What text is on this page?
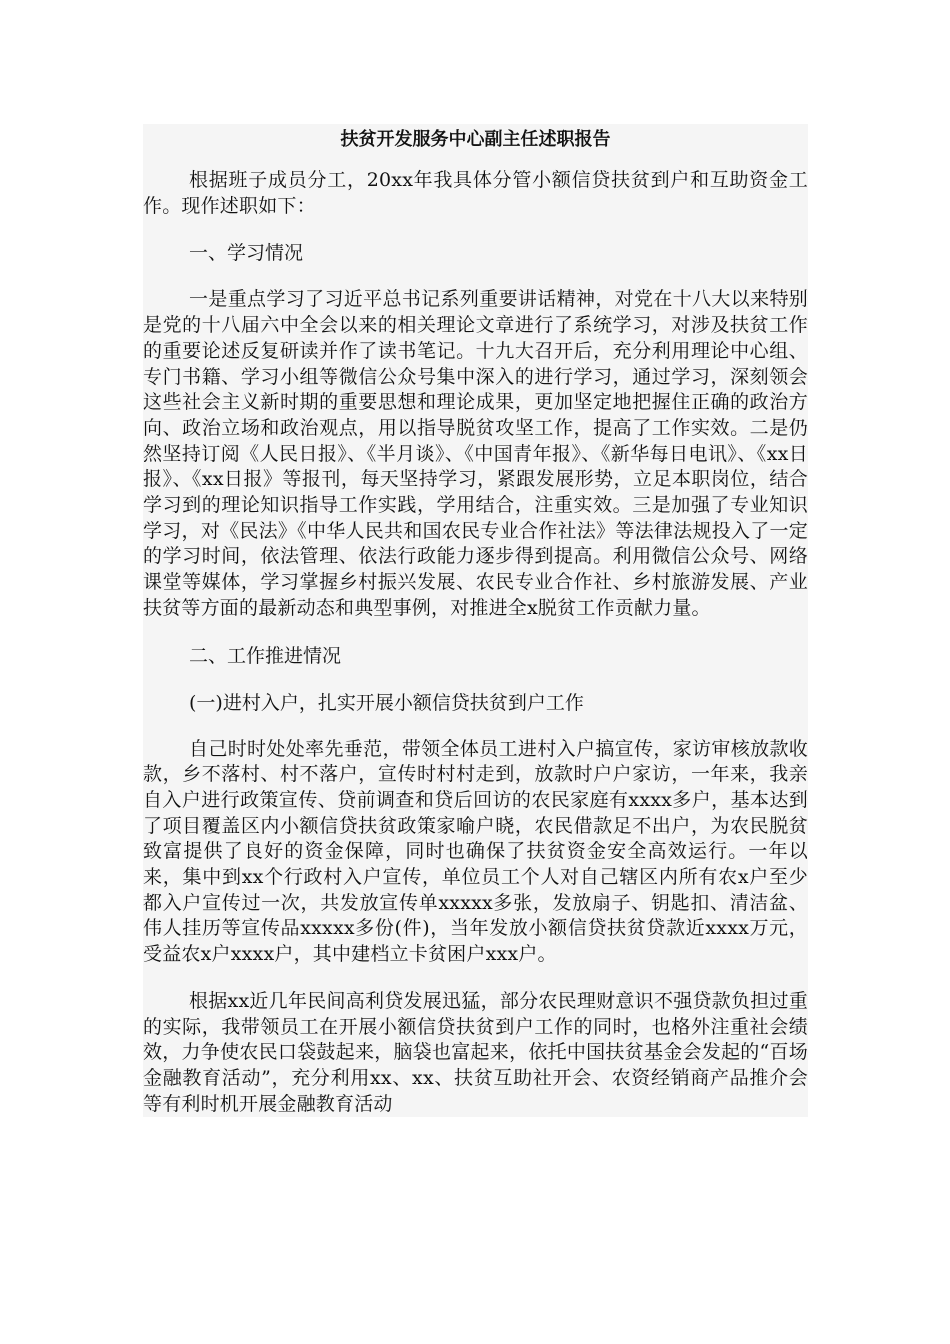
扶贫开发服务中心副主任述职报告

根据班子成员分工，20xx年我具体分管小额信贷扶贫到户和互助资金工作。现作述职如下：

一、学习情况

一是重点学习了习近平总书记系列重要讲话精神，对党在十八大以来特别是党的十八届六中全会以来的相关理论文章进行了系统学习，对涉及扶贫工作的重要论述反复研读并作了读书笔记。十九大召开后，充分利用理论中心组、专门书籍、学习小组等微信公众号集中深入的进行学习，通过学习，深刻领会这些社会主义新时期的重要思想和理论成果，更加坚定地把握住正确的政治方向、政治立场和政治观点，用以指导脱贫攻坚工作，提高了工作实效。二是仍然坚持订阅《人民日报》、《半月谈》、《中国青年报》、《新华每日电讯》、《xx日报》、《xx日报》等报刊，每天坚持学习，紧跟发展形势，立足本职岗位，结合学习到的理论知识指导工作实践，学用结合，注重实效。三是加强了专业知识学习，对《民法》《中华人民共和国农民专业合作社法》等法律法规投入了一定的学习时间，依法管理、依法行政能力逐步得到提高。利用微信公众号、网络课堂等媒体，学习掌握乡村振兴发展、农民专业合作社、乡村旅游发展、产业扶贫等方面的最新动态和典型事例，对推进全x脱贫工作贡献力量。

二、工作推进情况

(一)进村入户，扎实开展小额信贷扶贫到户工作

自己时时处处率先垂范，带领全体员工进村入户搞宣传，家访审核放款收款，乡不落村、村不落户，宣传时村村走到，放款时户户家访，一年来，我亲自入户进行政策宣传、贷前调查和贷后回访的农民家庭有xxxx多户，基本达到了项目覆盖区内小额信贷扶贫政策家喻户晓，农民借款足不出户，为农民脱贫致富提供了良好的资金保障，同时也确保了扶贫资金安全高效运行。一年以来，集中到xx个行政村入户宣传，单位员工个人对自己辖区内所有农x户至少都入户宣传过一次，共发放宣传单xxxxx多张，发放扇子、钥匙扣、清洁盆、伟人挂历等宣传品xxxxx多份(件)，当年发放小额信贷扶贫贷款近xxxx万元，受益农x户xxxx户，其中建档立卡贫困户xxx户。

根据xx近几年民间高利贷发展迅猛，部分农民理财意识不强贷款负担过重的实际，我带领员工在开展小额信贷扶贫到户工作的同时，也格外注重社会绩效，力争使农民口袋鼓起来，脑袋也富起来，依托中国扶贫基金会发起的“百场金融教育活动”，充分利用xx、xx、扶贫互助社开会、农资经销商产品推介会等有利时机开展金融教育活动
